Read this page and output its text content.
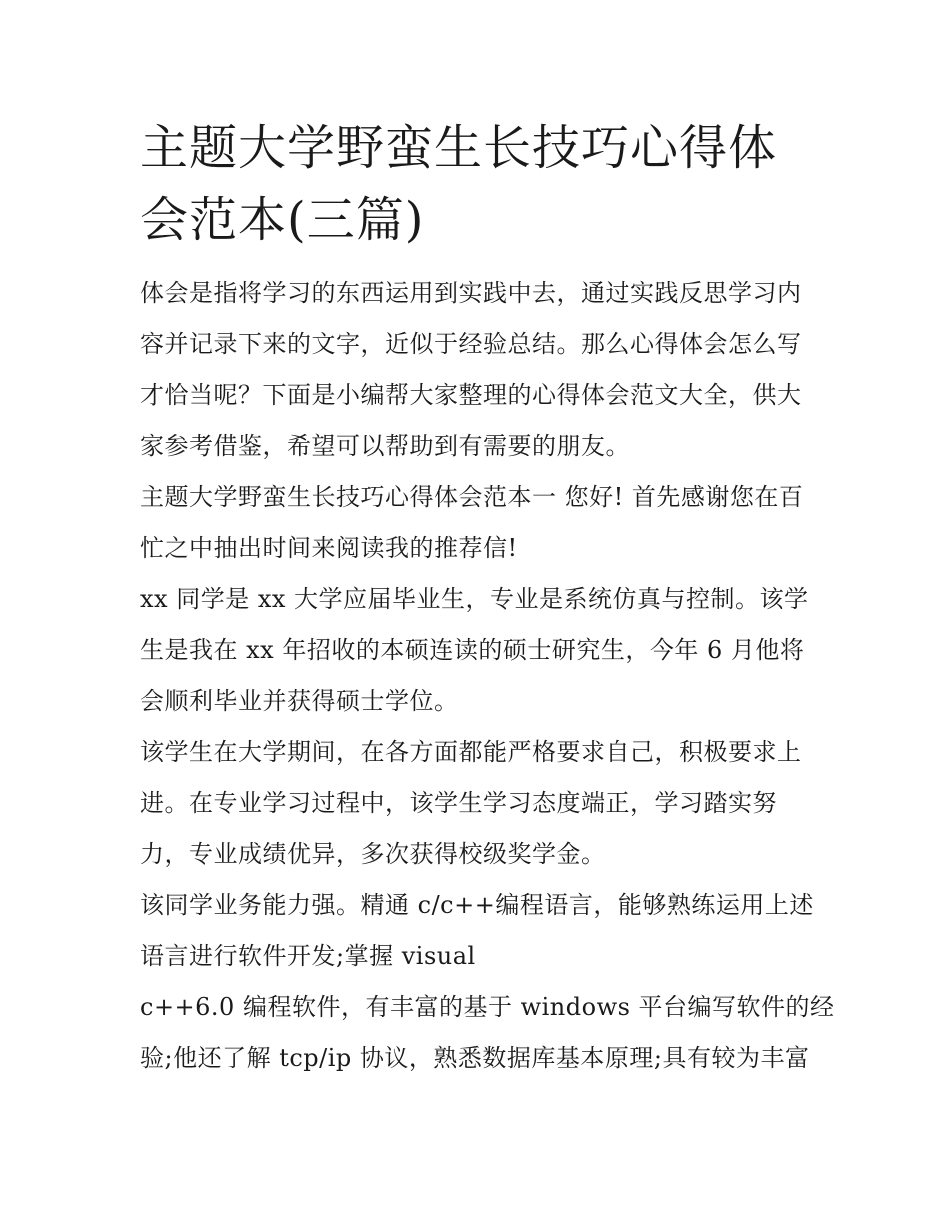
主题大学野蛮生长技巧心得体
会范本(三篇)

体会是指将学习的东西运用到实践中去，通过实践反思学习内
容并记录下来的文字，近似于经验总结。那么心得体会怎么写
才恰当呢？下面是小编帮大家整理的心得体会范文大全，供大
家参考借鉴，希望可以帮助到有需要的朋友。

主题大学野蛮生长技巧心得体会范本一 您好! 首先感谢您在百
忙之中抽出时间来阅读我的推荐信!

xx 同学是 xx 大学应届毕业生，专业是系统仿真与控制。该学
生是我在 xx 年招收的本硕连读的硕士研究生，今年 6 月他将
会顺利毕业并获得硕士学位。

该学生在大学期间，在各方面都能严格要求自己，积极要求上
进。在专业学习过程中，该学生学习态度端正，学习踏实努
力，专业成绩优异，多次获得校级奖学金。

该同学业务能力强。精通 c/c++编程语言，能够熟练运用上述
语言进行软件开发;掌握 visual

c++6.0 编程软件，有丰富的基于 windows 平台编写软件的经
验;他还了解 tcp/ip 协议，熟悉数据库基本原理;具有较为丰富
